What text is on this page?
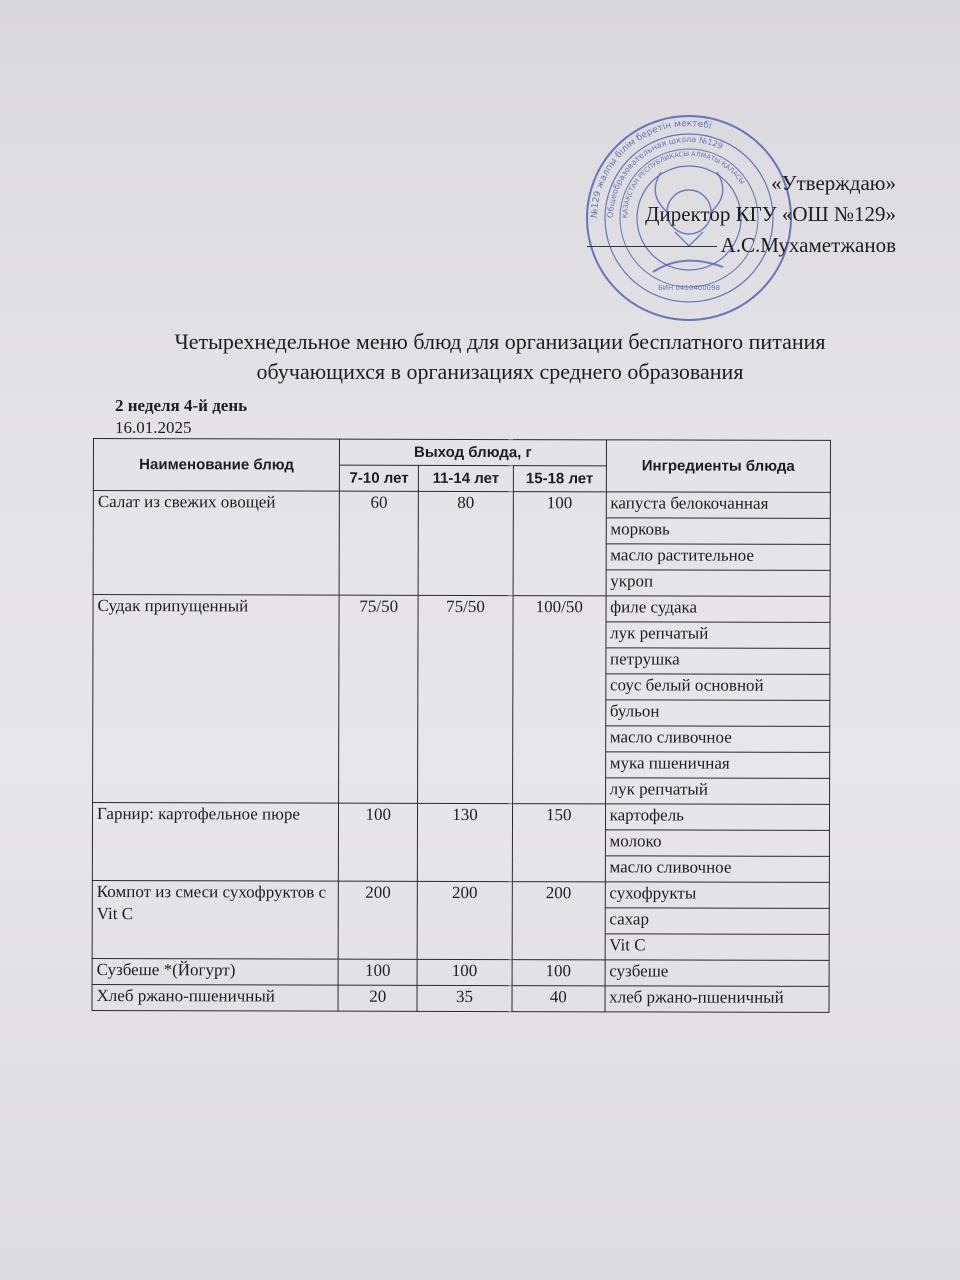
№129 жалпы білім беретін мектебі
Общеобразовательная школа №129
ҚАЗАҚСТАН РЕСПУБЛИКАСЫ АЛМАТЫ ҚАЛАСЫ
БИН 0410400098
«Утверждаю»
Директор КГУ «ОШ №129»
А.С.Мухаметжанов
Четырехнедельное меню блюд для организации бесплатного питания
обучающихся в организациях среднего образования
2 неделя 4-й день
16.01.2025
Наименование блюд	Выход блюда, г			Ингредиенты блюда
	7-10 лет	11-14 лет	15-18 лет	
Салат из свежих овощей	60	80	100	капуста белокочанная
				морковь
				масло растительное
				укроп
Судак припущенный	75/50	75/50	100/50	филе судака
				лук репчатый
				петрушка
				соус белый основной
				бульон
				масло сливочное
				мука пшеничная
				лук репчатый
Гарнир: картофельное пюре	100	130	150	картофель
				молоко
				масло сливочное
Компот из смеси сухофруктов с Vit C	200	200	200	сухофрукты
				сахар
				Vit C
Сузбеше *(Йогурт)	100	100	100	сузбеше
Хлеб ржано-пшеничный	20	35	40	хлеб ржано-пшеничный
